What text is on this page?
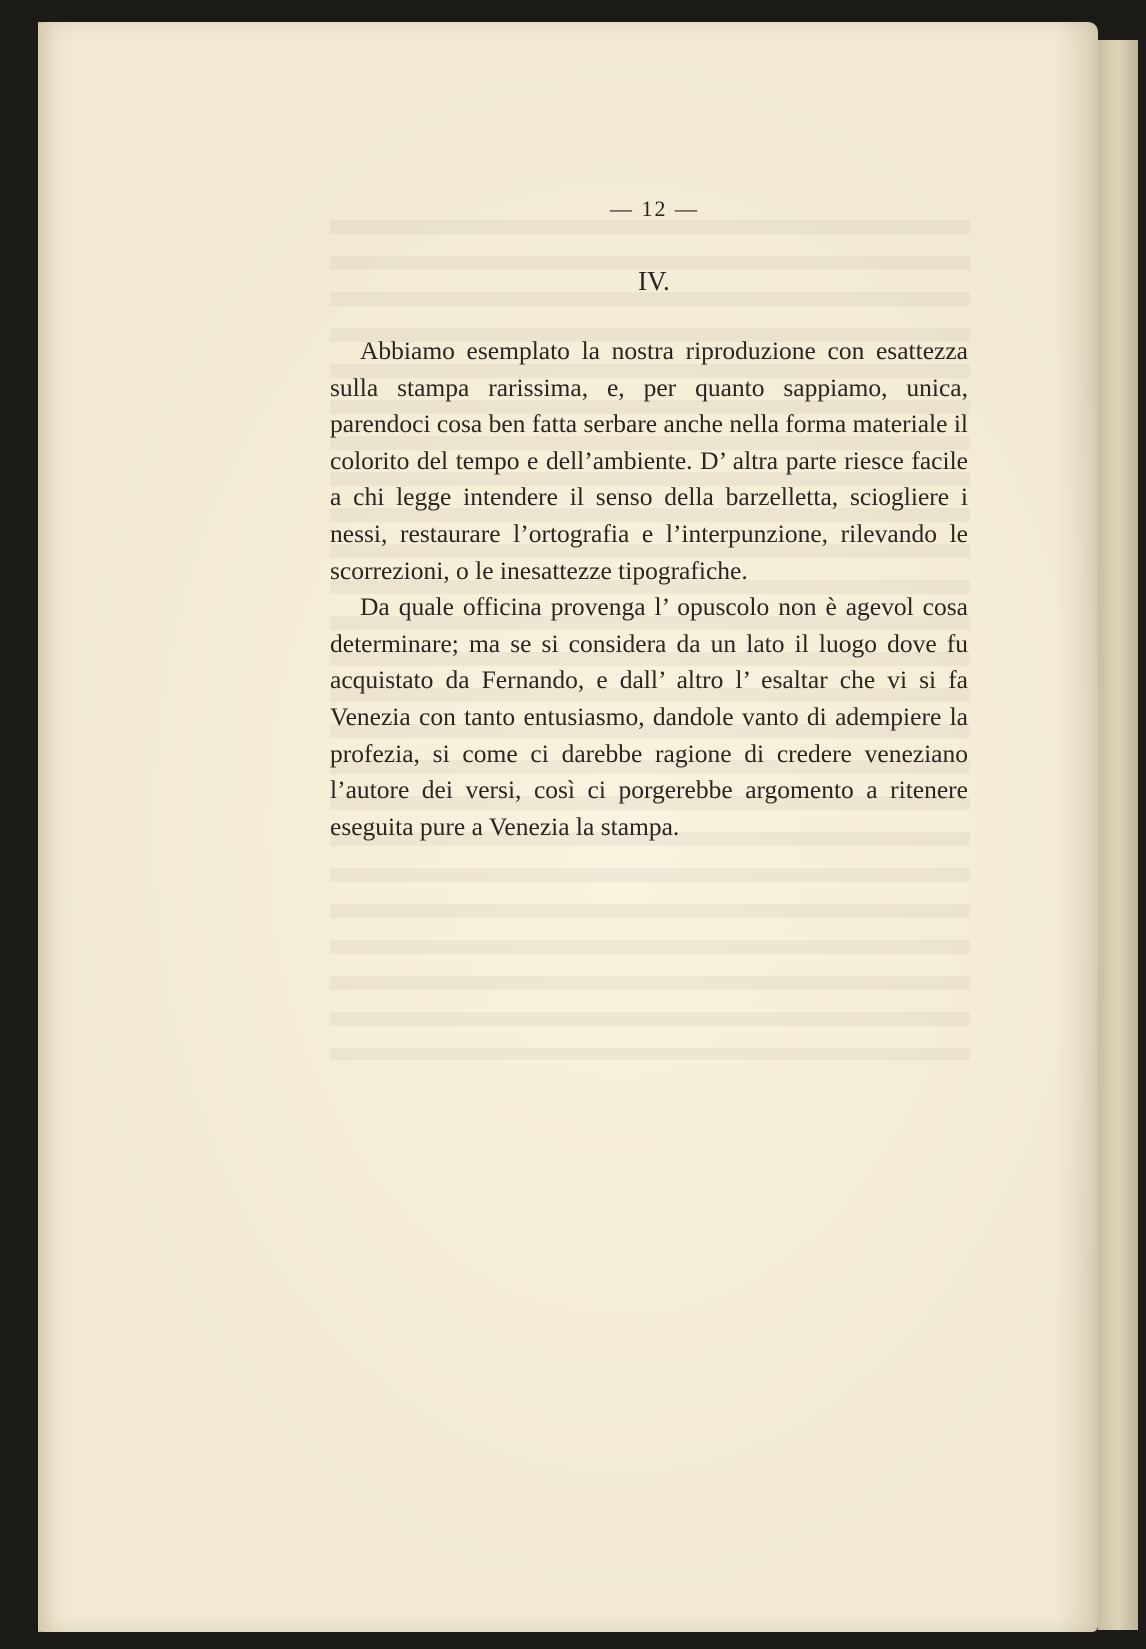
— 12 —
IV.

Abbiamo esemplato la nostra riproduzione con esattezza sulla stampa rarissima, e, per quanto sappiamo, unica, parendoci cosa ben fatta serbare anche nella forma materiale il colorito del tempo e dell’ambiente. D’ altra parte riesce facile a chi legge intendere il senso della barzelletta, sciogliere i nessi, restaurare l’ortografia e l’interpunzione, rilevando le scorrezioni, o le inesattezze tipografiche.

Da quale officina provenga l’ opuscolo non è agevol cosa determinare; ma se si considera da un lato il luogo dove fu acquistato da Fernando, e dall’ altro l’ esaltar che vi si fa Venezia con tanto entusiasmo, dandole vanto di adempiere la profezia, si come ci darebbe ragione di credere veneziano l’autore dei versi, così ci porgerebbe argomento a ritenere eseguita pure a Venezia la stampa.
